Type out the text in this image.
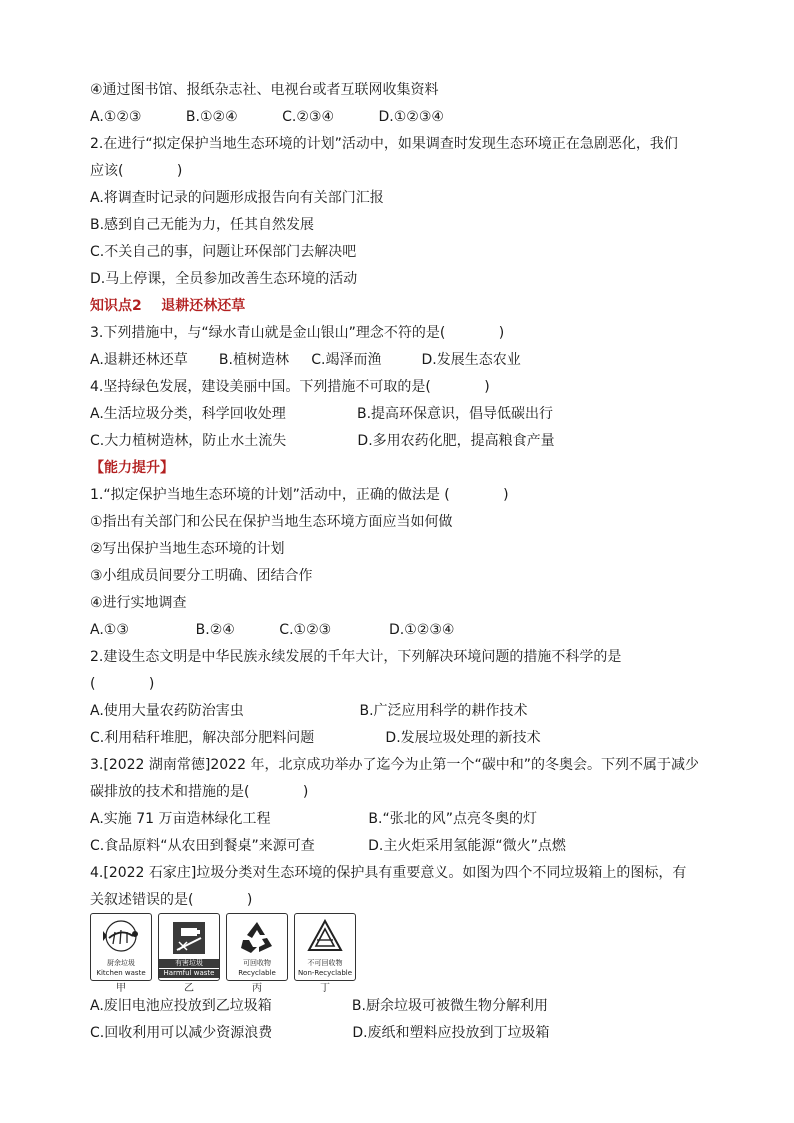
④通过图书馆、报纸杂志社、电视台或者互联网收集资料
A.①②③          B.①②④          C.②③④          D.①②③④
2.在进行“拟定保护当地生态环境的计划”活动中，如果调查时发现生态环境正在急剧恶化，我们
应该(            )
A.将调查时记录的问题形成报告向有关部门汇报
B.感到自己无能为力，任其自然发展
C.不关自己的事，问题让环保部门去解决吧
D.马上停课，全员参加改善生态环境的活动
知识点2    退耕还林还草
3.下列措施中，与“绿水青山就是金山银山”理念不符的是(            )
A.退耕还林还草       B.植树造林     C.竭泽而渔         D.发展生态农业
4.坚持绿色发展，建设美丽中国。下列措施不可取的是(            )
A.生活垃圾分类，科学回收处理                B.提高环保意识，倡导低碳出行
C.大力植树造林，防止水土流失                D.多用农药化肥，提高粮食产量
【能力提升】
1.“拟定保护当地生态环境的计划”活动中，正确的做法是 (            )
①指出有关部门和公民在保护当地生态环境方面应当如何做
②写出保护当地生态环境的计划
③小组成员间要分工明确、团结合作
④进行实地调查
A.①③               B.②④          C.①②③             D.①②③④
2.建设生态文明是中华民族永续发展的千年大计，下列解决环境问题的措施不科学的是
(            )
A.使用大量农药防治害虫                          B.广泛应用科学的耕作技术
C.利用秸秆堆肥，解决部分肥料问题                D.发展垃圾处理的新技术
3.[2022 湖南常德]2022 年，北京成功举办了迄今为止第一个“碳中和”的冬奥会。下列不属于减少
碳排放的技术和措施的是(            )
A.实施 71 万亩造林绿化工程                      B.“张北的风”点亮冬奥的灯
C.食品原料“从农田到餐桌”来源可查            D.主火炬采用氢能源“微火”点燃
4.[2022 石家庄]垃圾分类对生态环境的保护具有重要意义。如图为四个不同垃圾箱上的图标，有
关叙述错误的是(            )
A.废旧电池应投放到乙垃圾箱                  B.厨余垃圾可被微生物分解利用
C.回收利用可以减少资源浪费                  D.废纸和塑料应投放到丁垃圾箱
厨余垃圾
Kitchen waste
甲
有害垃圾
Harmful waste
乙
可回收物
Recyclable
丙
不可回收物
Non-Recyclable
丁
